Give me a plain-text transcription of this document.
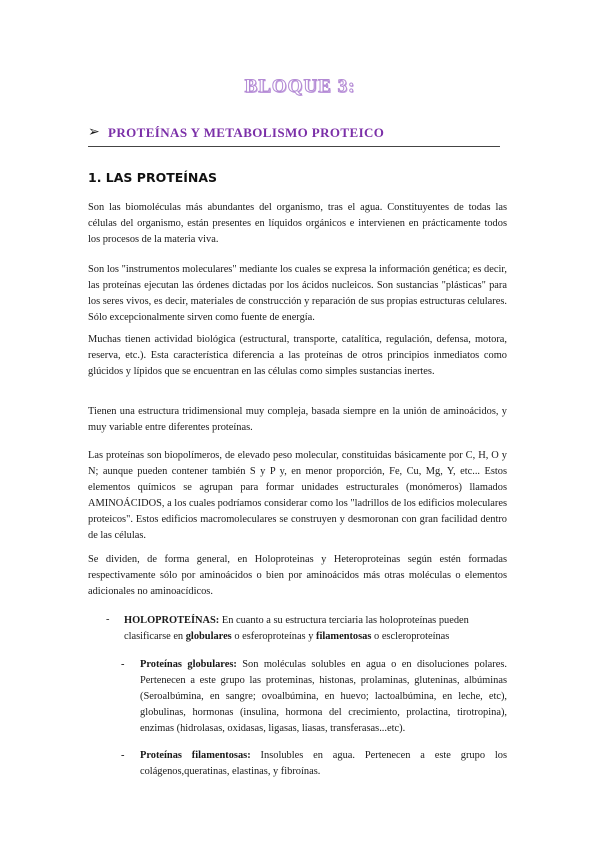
BLOQUE 3:
➢ PROTEÍNAS Y METABOLISMO PROTEICO
1. LAS PROTEÍNAS

Son las biomoléculas más abundantes del organismo, tras el agua. Constituyentes de todas las células del organismo, están presentes en líquidos orgánicos e intervienen en prácticamente todos los procesos de la materia viva.

Son los "instrumentos moleculares" mediante los cuales se expresa la información genética; es decir, las proteínas ejecutan las órdenes dictadas por los ácidos nucleicos. Son sustancias "plásticas" para los seres vivos, es decir, materiales de construcción y reparación de sus propias estructuras celulares. Sólo excepcionalmente sirven como fuente de energía.

Muchas tienen actividad biológica (estructural, transporte, catalítica, regulación, defensa, motora, reserva, etc.). Esta característica diferencia a las proteínas de otros principios inmediatos como glúcidos y lípidos que se encuentran en las células como simples sustancias inertes.

Tienen una estructura tridimensional muy compleja, basada siempre en la unión de aminoácidos, y muy variable entre diferentes proteínas.

Las proteínas son biopolímeros, de elevado peso molecular, constituidas básicamente por C, H, O y N; aunque pueden contener también S y P y, en menor proporción, Fe, Cu, Mg, Y, etc... Estos elementos químicos se agrupan para formar unidades estructurales (monómeros) llamados AMINOÁCIDOS, a los cuales podríamos considerar como los "ladrillos de los edificios moleculares proteicos". Estos edificios macromoleculares se construyen y desmoronan con gran facilidad dentro de las células.

Se dividen, de forma general, en Holoproteinas y Heteroproteinas según estén formadas respectivamente sólo por aminoácidos o bien por aminoácidos más otras moléculas o elementos adicionales no aminoacídicos.

- HOLOPROTEÍNAS: En cuanto a su estructura terciaria las holoproteínas pueden
clasificarse en globulares o esferoproteínas y filamentosas o escleroproteínas

- Proteínas globulares: Son moléculas solubles en agua o en disoluciones polares. Pertenecen a este grupo las proteminas, histonas, prolaminas, gluteninas, albúminas (Seroalbúmina, en sangre; ovoalbúmina, en huevo; lactoalbúmina, en leche, etc), globulinas, hormonas (insulina, hormona del crecimiento, prolactina, tirotropina), enzimas (hidrolasas, oxidasas, ligasas, liasas, transferasas...etc).

- Proteínas filamentosas: Insolubles en agua. Pertenecen a este grupo los colágenos,queratinas, elastinas, y fibroínas.
